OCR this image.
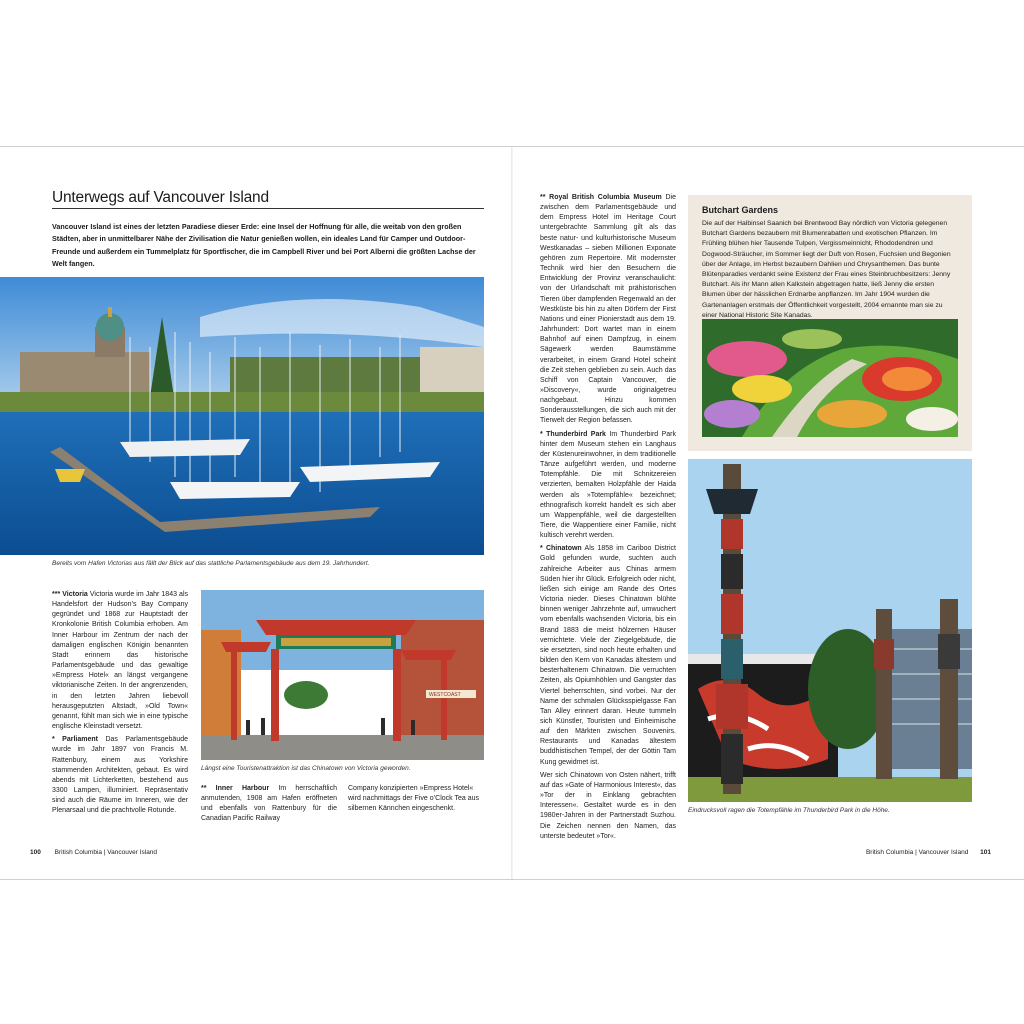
Unterwegs auf Vancouver Island
Vancouver Island ist eines der letzten Paradiese dieser Erde: eine Insel der Hoffnung für alle, die weitab von den großen Städten, aber in unmittelbarer Nähe der Zivilisation die Natur genießen wollen, ein ideales Land für Camper und Outdoor-Freunde und außerdem ein Tummelplatz für Sportfischer, die im Campbell River und bei Port Alberni die größten Lachse der Welt fangen.
Bereits vom Hafen Victorias aus fällt der Blick auf das stattliche Parlamentsgebäude aus dem 19. Jahrhundert.

*** Victoria Victoria wurde im Jahr 1843 als Handelsfort der Hudson’s Bay Company gegründet und 1868 zur Hauptstadt der Kronkolonie British Columbia erhoben. Am Inner Harbour im Zentrum der nach der damaligen englischen Königin benannten Stadt erinnern das historische Parlamentsgebäude und das gewaltige »Empress Hotel« an längst vergangene viktorianische Zeiten. In der angrenzenden, in den letzten Jahren liebevoll herausgeputzten Altstadt, »Old Town« genannt, fühlt man sich wie in eine typische englische Kleinstadt versetzt.

* Parliament Das Parlamentsgebäude wurde im Jahr 1897 von Francis M. Rattenbury, einem aus Yorkshire stammenden Architekten, gebaut. Es wird abends mit Lichterketten, bestehend aus 3300 Lampen, illuminiert. Repräsentativ sind auch die Räume im Inneren, wie der Plenarsaal und die prachtvolle Rotunde.

WESTCOAST
Längst eine Touristenattraktion ist das Chinatown von Victoria geworden.

** Inner Harbour Im herrschaftlich anmutenden, 1908 am Hafen eröffneten und ebenfalls von Rattenbury für die Canadian Pacific Railway

Company konzipierten »Empress Hotel« wird nachmittags der Five o’Clock Tea aus silbernen Kännchen eingeschenkt.

100 British Columbia | Vancouver Island

** Royal British Columbia Museum Die zwischen dem Parlamentsgebäude und dem Empress Hotel im Heritage Court untergebrachte Sammlung gilt als das beste natur- und kulturhistorische Museum Westkanadas – sieben Millionen Exponate gehören zum Repertoire. Mit modernster Technik wird hier den Besuchern die Entwicklung der Provinz veranschaulicht: von der Urlandschaft mit prähistorischen Tieren über dampfenden Regenwald an der Westküste bis hin zu alten Dörfern der First Nations und einer Pionierstadt aus dem 19. Jahrhundert: Dort wartet man in einem Bahnhof auf einen Dampfzug, in einem Sägewerk werden Baumstämme verarbeitet, in einem Grand Hotel scheint die Zeit stehen geblieben zu sein. Auch das Schiff von Captain Vancouver, die »Discovery«, wurde originalgetreu nachgebaut. Hinzu kommen Sonderausstellungen, die sich auch mit der Tierwelt der Region befassen.

* Thunderbird Park Im Thunderbird Park hinter dem Museum stehen ein Langhaus der Küstenureinwohner, in dem traditionelle Tänze aufgeführt werden, und moderne Totempfähle. Die mit Schnitzereien verzierten, bemalten Holzpfähle der Haida werden als »Totempfähle« bezeichnet; ethnografisch korrekt handelt es sich aber um Wappenpfähle, weil die dargestellten Tiere, die Wappentiere einer Familie, nicht kultisch verehrt werden.

* Chinatown Als 1858 im Cariboo District Gold gefunden wurde, suchten auch zahlreiche Arbeiter aus Chinas armem Süden hier ihr Glück. Erfolgreich oder nicht, ließen sich einige am Rande des Ortes Victoria nieder. Dieses Chinatown blühte binnen weniger Jahrzehnte auf, umwuchert vom ebenfalls wachsenden Victoria, bis ein Brand 1883 die meist hölzernen Häuser vernichtete. Viele der Ziegelgebäude, die sie ersetzten, sind noch heute erhalten und bilden den Kern von Kanadas ältestem und besterhaltenem Chinatown. Die verruchten Zeiten, als Opiumhöhlen und Gangster das Viertel beherrschten, sind vorbei. Nur der Name der schmalen Glücksspielgasse Fan Tan Alley erinnert daran. Heute tummeln sich Künstler, Touristen und Einheimische auf den Märkten zwischen Souvenirs. Restaurants und Kanadas ältestem buddhistischen Tempel, der der Göttin Tam Kung gewidmet ist.

Wer sich Chinatown von Osten nähert, trifft auf das »Gate of Harmonious Interest«, das »Tor der in Einklang gebrachten Interessen«. Gestaltet wurde es in den 1980er-Jahren in der Partnerstadt Suzhou. Die Zeichen nennen den Namen, das unterste bedeutet »Tor«.

Butchart Gardens
Die auf der Halbinsel Saanich bei Brentwood Bay nördlich von Victoria gelegenen Butchart Gardens bezaubern mit Blumenrabatten und exotischen Pflanzen. Im Frühling blühen hier Tausende Tulpen, Vergissmeinnicht, Rhododendren und Dogwood-Sträucher, im Sommer liegt der Duft von Rosen, Fuchsien und Begonien über der Anlage, im Herbst bezaubern Dahlien und Chrysanthemen. Das bunte Blütenparadies verdankt seine Existenz der Frau eines Steinbruchbesitzers: Jenny Butchart. Als ihr Mann allen Kalkstein abgetragen hatte, ließ Jenny die ersten Blumen über der hässlichen Erdnarbe anpflanzen. Im Jahr 1904 wurden die Gartenanlagen erstmals der Öffentlichkeit vorgestellt, 2004 ernannte man sie zu einer National Historic Site Kanadas.
Eindrucksvoll ragen die Totempfähle im Thunderbird Park in die Höhe.
British Columbia | Vancouver Island 101
